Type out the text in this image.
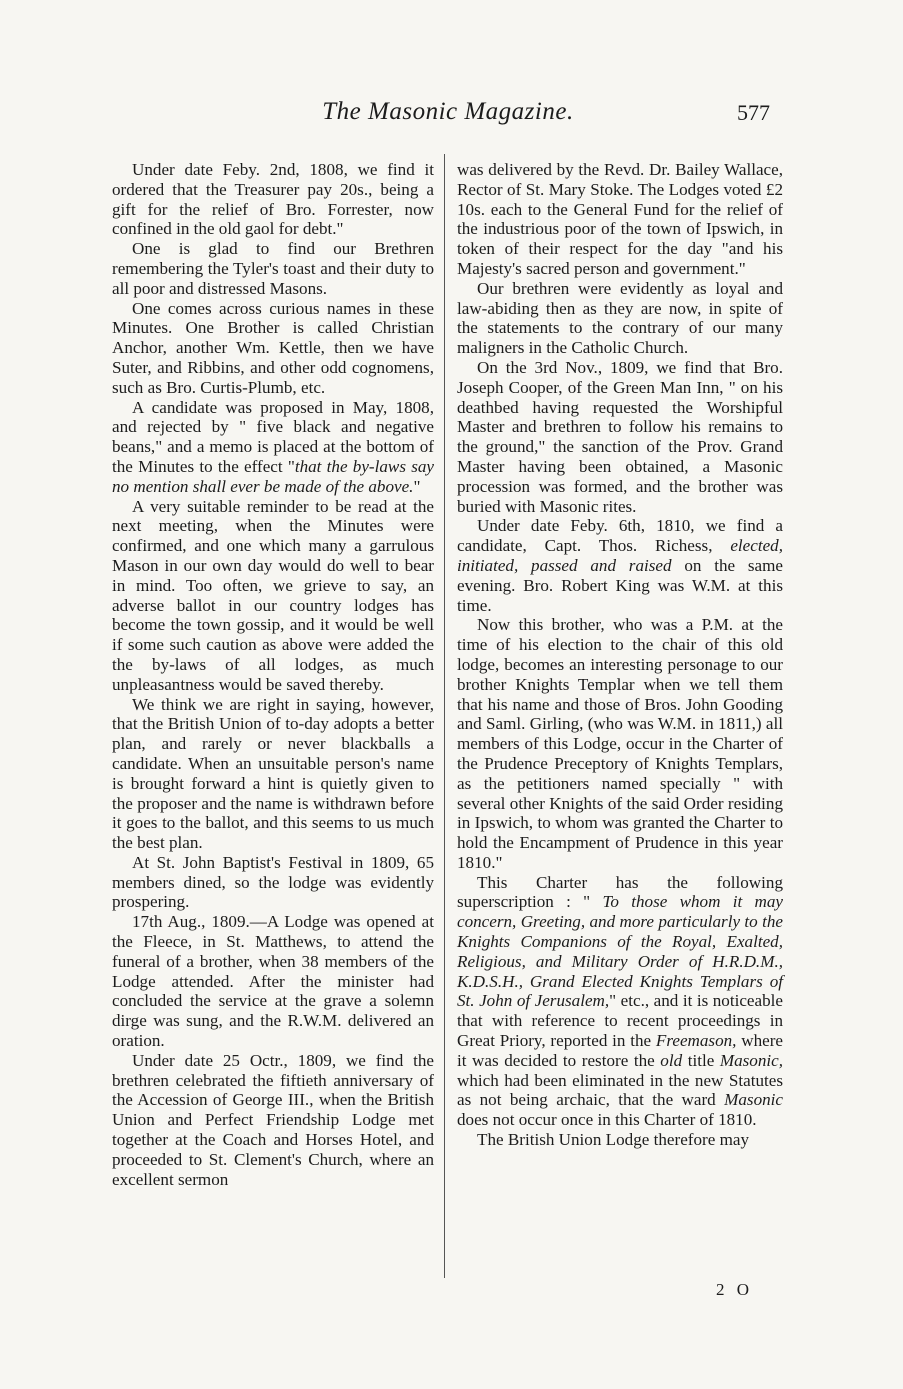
The Masonic Magazine.	577

Under date Feby. 2nd, 1808, we find it ordered that the Treasurer pay 20s., being a gift for the relief of Bro. Forrester, now confined in the old gaol for debt."

One is glad to find our Brethren remembering the Tyler's toast and their duty to all poor and distressed Masons.

One comes across curious names in these Minutes. One Brother is called Christian Anchor, another Wm. Kettle, then we have Suter, and Ribbins, and other odd cognomens, such as Bro. Curtis-Plumb, etc.

A candidate was proposed in May, 1808, and rejected by " five black and negative beans," and a memo is placed at the bottom of the Minutes to the effect "that the by-laws say no mention shall ever be made of the above."

A very suitable reminder to be read at the next meeting, when the Minutes were confirmed, and one which many a garrulous Mason in our own day would do well to bear in mind. Too often, we grieve to say, an adverse ballot in our country lodges has become the town gossip, and it would be well if some such caution as above were added the the by-laws of all lodges, as much unpleasantness would be saved thereby.

We think we are right in saying, however, that the British Union of to-day adopts a better plan, and rarely or never blackballs a candidate. When an unsuitable person's name is brought forward a hint is quietly given to the proposer and the name is withdrawn before it goes to the ballot, and this seems to us much the best plan.

At St. John Baptist's Festival in 1809, 65 members dined, so the lodge was evidently prospering.

17th Aug., 1809.—A Lodge was opened at the Fleece, in St. Matthews, to attend the funeral of a brother, when 38 members of the Lodge attended. After the minister had concluded the service at the grave a solemn dirge was sung, and the R.W.M. delivered an oration.

Under date 25 Octr., 1809, we find the brethren celebrated the fiftieth anniversary of the Accession of George III., when the British Union and Perfect Friendship Lodge met together at the Coach and Horses Hotel, and proceeded to St. Clement's Church, where an excellent sermon

was delivered by the Revd. Dr. Bailey Wallace, Rector of St. Mary Stoke. The Lodges voted £2 10s. each to the General Fund for the relief of the industrious poor of the town of Ipswich, in token of their respect for the day "and his Majesty's sacred person and government."

Our brethren were evidently as loyal and law-abiding then as they are now, in spite of the statements to the contrary of our many maligners in the Catholic Church.

On the 3rd Nov., 1809, we find that Bro. Joseph Cooper, of the Green Man Inn, " on his deathbed having requested the Worshipful Master and brethren to follow his remains to the ground," the sanction of the Prov. Grand Master having been obtained, a Masonic procession was formed, and the brother was buried with Masonic rites.

Under date Feby. 6th, 1810, we find a candidate, Capt. Thos. Richess, elected, initiated, passed and raised on the same evening. Bro. Robert King was W.M. at this time.

Now this brother, who was a P.M. at the time of his election to the chair of this old lodge, becomes an interesting personage to our brother Knights Templar when we tell them that his name and those of Bros. John Gooding and Saml. Girling, (who was W.M. in 1811,) all members of this Lodge, occur in the Charter of the Prudence Preceptory of Knights Templars, as the petitioners named specially " with several other Knights of the said Order residing in Ipswich, to whom was granted the Charter to hold the Encampment of Prudence in this year 1810."

This Charter has the following superscription : " To those whom it may concern, Greeting, and more particularly to the Knights Companions of the Royal, Exalted, Religious, and Military Order of H.R.D.M., K.D.S.H., Grand Elected Knights Templars of St. John of Jerusalem," etc., and it is noticeable that with reference to recent proceedings in Great Priory, reported in the Freemason, where it was decided to restore the old title Masonic, which had been eliminated in the new Statutes as not being archaic, that the ward Masonic does not occur once in this Charter of 1810.

The British Union Lodge therefore may

2 O
